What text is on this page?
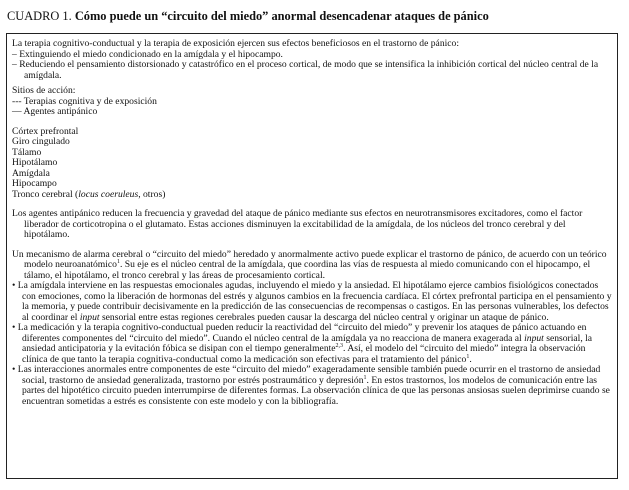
CUADRO 1. Cómo puede un “circuito del miedo” anormal desencadenar ataques de pánico
La terapia cognitivo-conductual y la terapia de exposición ejercen sus efectos beneficiosos en el trastorno de pánico:
– Extinguiendo el miedo condicionado en la amígdala y el hipocampo.
– Reduciendo el pensamiento distorsionado y catastrófico en el proceso cortical, de modo que se intensifica la inhibición cortical del núcleo central de la amígdala.
Sitios de acción:
--- Terapias cognitiva y de exposición
— Agentes antipánico
Córtex prefrontal
Giro cingulado
Tálamo
Hipotálamo
Amígdala
Hipocampo
Tronco cerebral (locus coeruleus, otros)
Los agentes antipánico reducen la frecuencia y gravedad del ataque de pánico mediante sus efectos en neurotransmisores excitadores, como el factor liberador de corticotropina o el glutamato. Estas acciones disminuyen la excitabilidad de la amígdala, de los núcleos del tronco cerebral y del hipotálamo.
Un mecanismo de alarma cerebral o “circuito del miedo” heredado y anormalmente activo puede explicar el trastorno de pánico, de acuerdo con un teórico modelo neuroanatómico$^1$. Su eje es el núcleo central de la amígdala, que coordina las vías de respuesta al miedo comunicando con el hipocampo, el tálamo, el hipotálamo, el tronco cerebral y las áreas de procesamiento cortical.
• La amígdala interviene en las respuestas emocionales agudas, incluyendo el miedo y la ansiedad. El hipotálamo ejerce cambios fisiológicos conectados con emociones, como la liberación de hormonas del estrés y algunos cambios en la frecuencia cardíaca. El córtex prefrontal participa en el pensamiento y la memoria, y puede contribuir decisivamente en la predicción de las consecuencias de recompensas o castigos. En las personas vulnerables, los defectos al coordinar el input sensorial entre estas regiones cerebrales pueden causar la descarga del núcleo central y originar un ataque de pánico.
• La medicación y la terapia cognitivo-conductual pueden reducir la reactividad del “circuito del miedo” y prevenir los ataques de pánico actuando en diferentes componentes del “circuito del miedo”. Cuando el núcleo central de la amígdala ya no reacciona de manera exagerada al input sensorial, la ansiedad anticipatoria y la evitación fóbica se disipan con el tiempo generalmente$^{2,3}$. Así, el modelo del “circuito del miedo” integra la observación clínica de que tanto la terapia cognitiva-conductual como la medicación son efectivas para el tratamiento del pánico$^1$.
• Las interacciones anormales entre componentes de este “circuito del miedo” exageradamente sensible también puede ocurrir en el trastorno de ansiedad social, trastorno de ansiedad generalizada, trastorno por estrés postraumático y depresión$^1$. En estos trastornos, los modelos de comunicación entre las partes del hipotético circuito pueden interrumpirse de diferentes formas. La observación clínica de que las personas ansiosas suelen deprimirse cuando se encuentran sometidas a estrés es consistente con este modelo y con la bibliografía.
